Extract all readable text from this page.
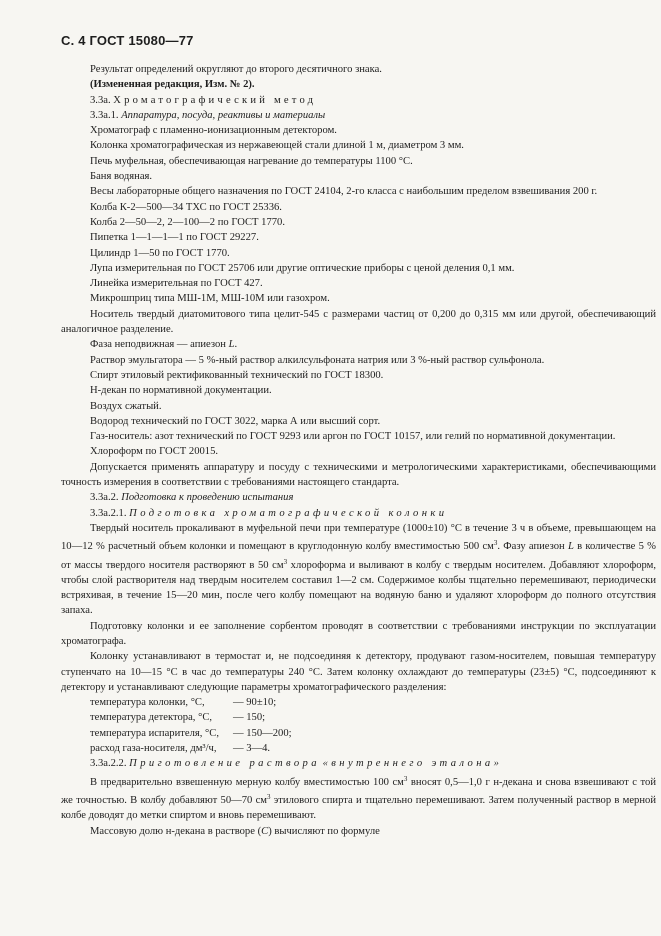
С. 4 ГОСТ 15080—77

Результат определений округляют до второго десятичного знака.

(Измененная редакция, Изм. № 2).

3.3а. Хроматографический метод

3.3а.1. Аппаратура, посуда, реактивы и материалы

Хроматограф с пламенно-ионизационным детектором.

Колонка хроматографическая из нержавеющей стали длиной 1 м, диаметром 3 мм.

Печь муфельная, обеспечивающая нагревание до температуры 1100 °С.

Баня водяная.

Весы лабораторные общего назначения по ГОСТ 24104, 2-го класса с наибольшим пределом взвешивания 200 г.

Колба К-2—500—34 ТХС по ГОСТ 25336.

Колба 2—50—2, 2—100—2 по ГОСТ 1770.

Пипетка 1—1—1—1 по ГОСТ 29227.

Цилиндр 1—50 по ГОСТ 1770.

Лупа измерительная по ГОСТ 25706 или другие оптические приборы с ценой деления 0,1 мм.

Линейка измерительная по ГОСТ 427.

Микрошприц типа МШ-1М, МШ-10М или газохром.

Носитель твердый диатомитового типа целит-545 с размерами частиц от 0,200 до 0,315 мм или другой, обеспечивающий аналогичное разделение.

Фаза неподвижная — апиезон L.

Раствор эмульгатора — 5 %-ный раствор алкилсульфоната натрия или 3 %-ный раствор сульфонола.

Спирт этиловый ректификованный технический по ГОСТ 18300.

Н-декан по нормативной документации.

Воздух сжатый.

Водород технический по ГОСТ 3022, марка А или высший сорт.

Газ-носитель: азот технический по ГОСТ 9293 или аргон по ГОСТ 10157, или гелий по нормативной документации.

Хлороформ по ГОСТ 20015.

Допускается применять аппаратуру и посуду с техническими и метрологическими характеристиками, обеспечивающими точность измерения в соответствии с требованиями настоящего стандарта.

3.3а.2. Подготовка к проведению испытания

3.3а.2.1. Подготовка хроматографической колонки

Твердый носитель прокаливают в муфельной печи при температуре (1000±10) °С в течение 3 ч в объеме, превышающем на 10—12 % расчетный объем колонки и помещают в круглодонную колбу вместимостью 500 $см^3$. Фазу апиезон L в количестве 5 % от массы твердого носителя растворяют в 50 $см^3$ хлороформа и выливают в колбу с твердым носителем. Добавляют хлороформ, чтобы слой растворителя над твердым носителем составил 1—2 см. Содержимое колбы тщательно перемешивают, периодически встряхивая, в течение 15—20 мин, после чего колбу помещают на водяную баню и удаляют хлороформ до полного отсутствия запаха.

Подготовку колонки и ее заполнение сорбентом проводят в соответствии с требованиями инструкции по эксплуатации хроматографа.

Колонку устанавливают в термостат и, не подсоединяя к детектору, продувают газом-носителем, повышая температуру ступенчато на 10—15 °С в час до температуры 240 °С. Затем колонку охлаждают до температуры (23±5) °С, подсоединяют к детектору и устанавливают следующие параметры хроматографического разделения:

температура колонки, °С,	— 90±10;
температура детектора, °С, — 150;
температура испарителя, °С, — 150—200;
расход газа-носителя, дм³/ч, — 3—4.

3.3а.2.2. Приготовление раствора «внутреннего эталона»

В предварительно взвешенную мерную колбу вместимостью 100 $см^3$ вносят 0,5—1,0 г н-декана и снова взвешивают с той же точностью. В колбу добавляют 50—70 $см^3$ этилового спирта и тщательно перемешивают. Затем полученный раствор в мерной колбе доводят до метки спиртом и вновь перемешивают.

Массовую долю н-декана в растворе (С) вычисляют по формуле
